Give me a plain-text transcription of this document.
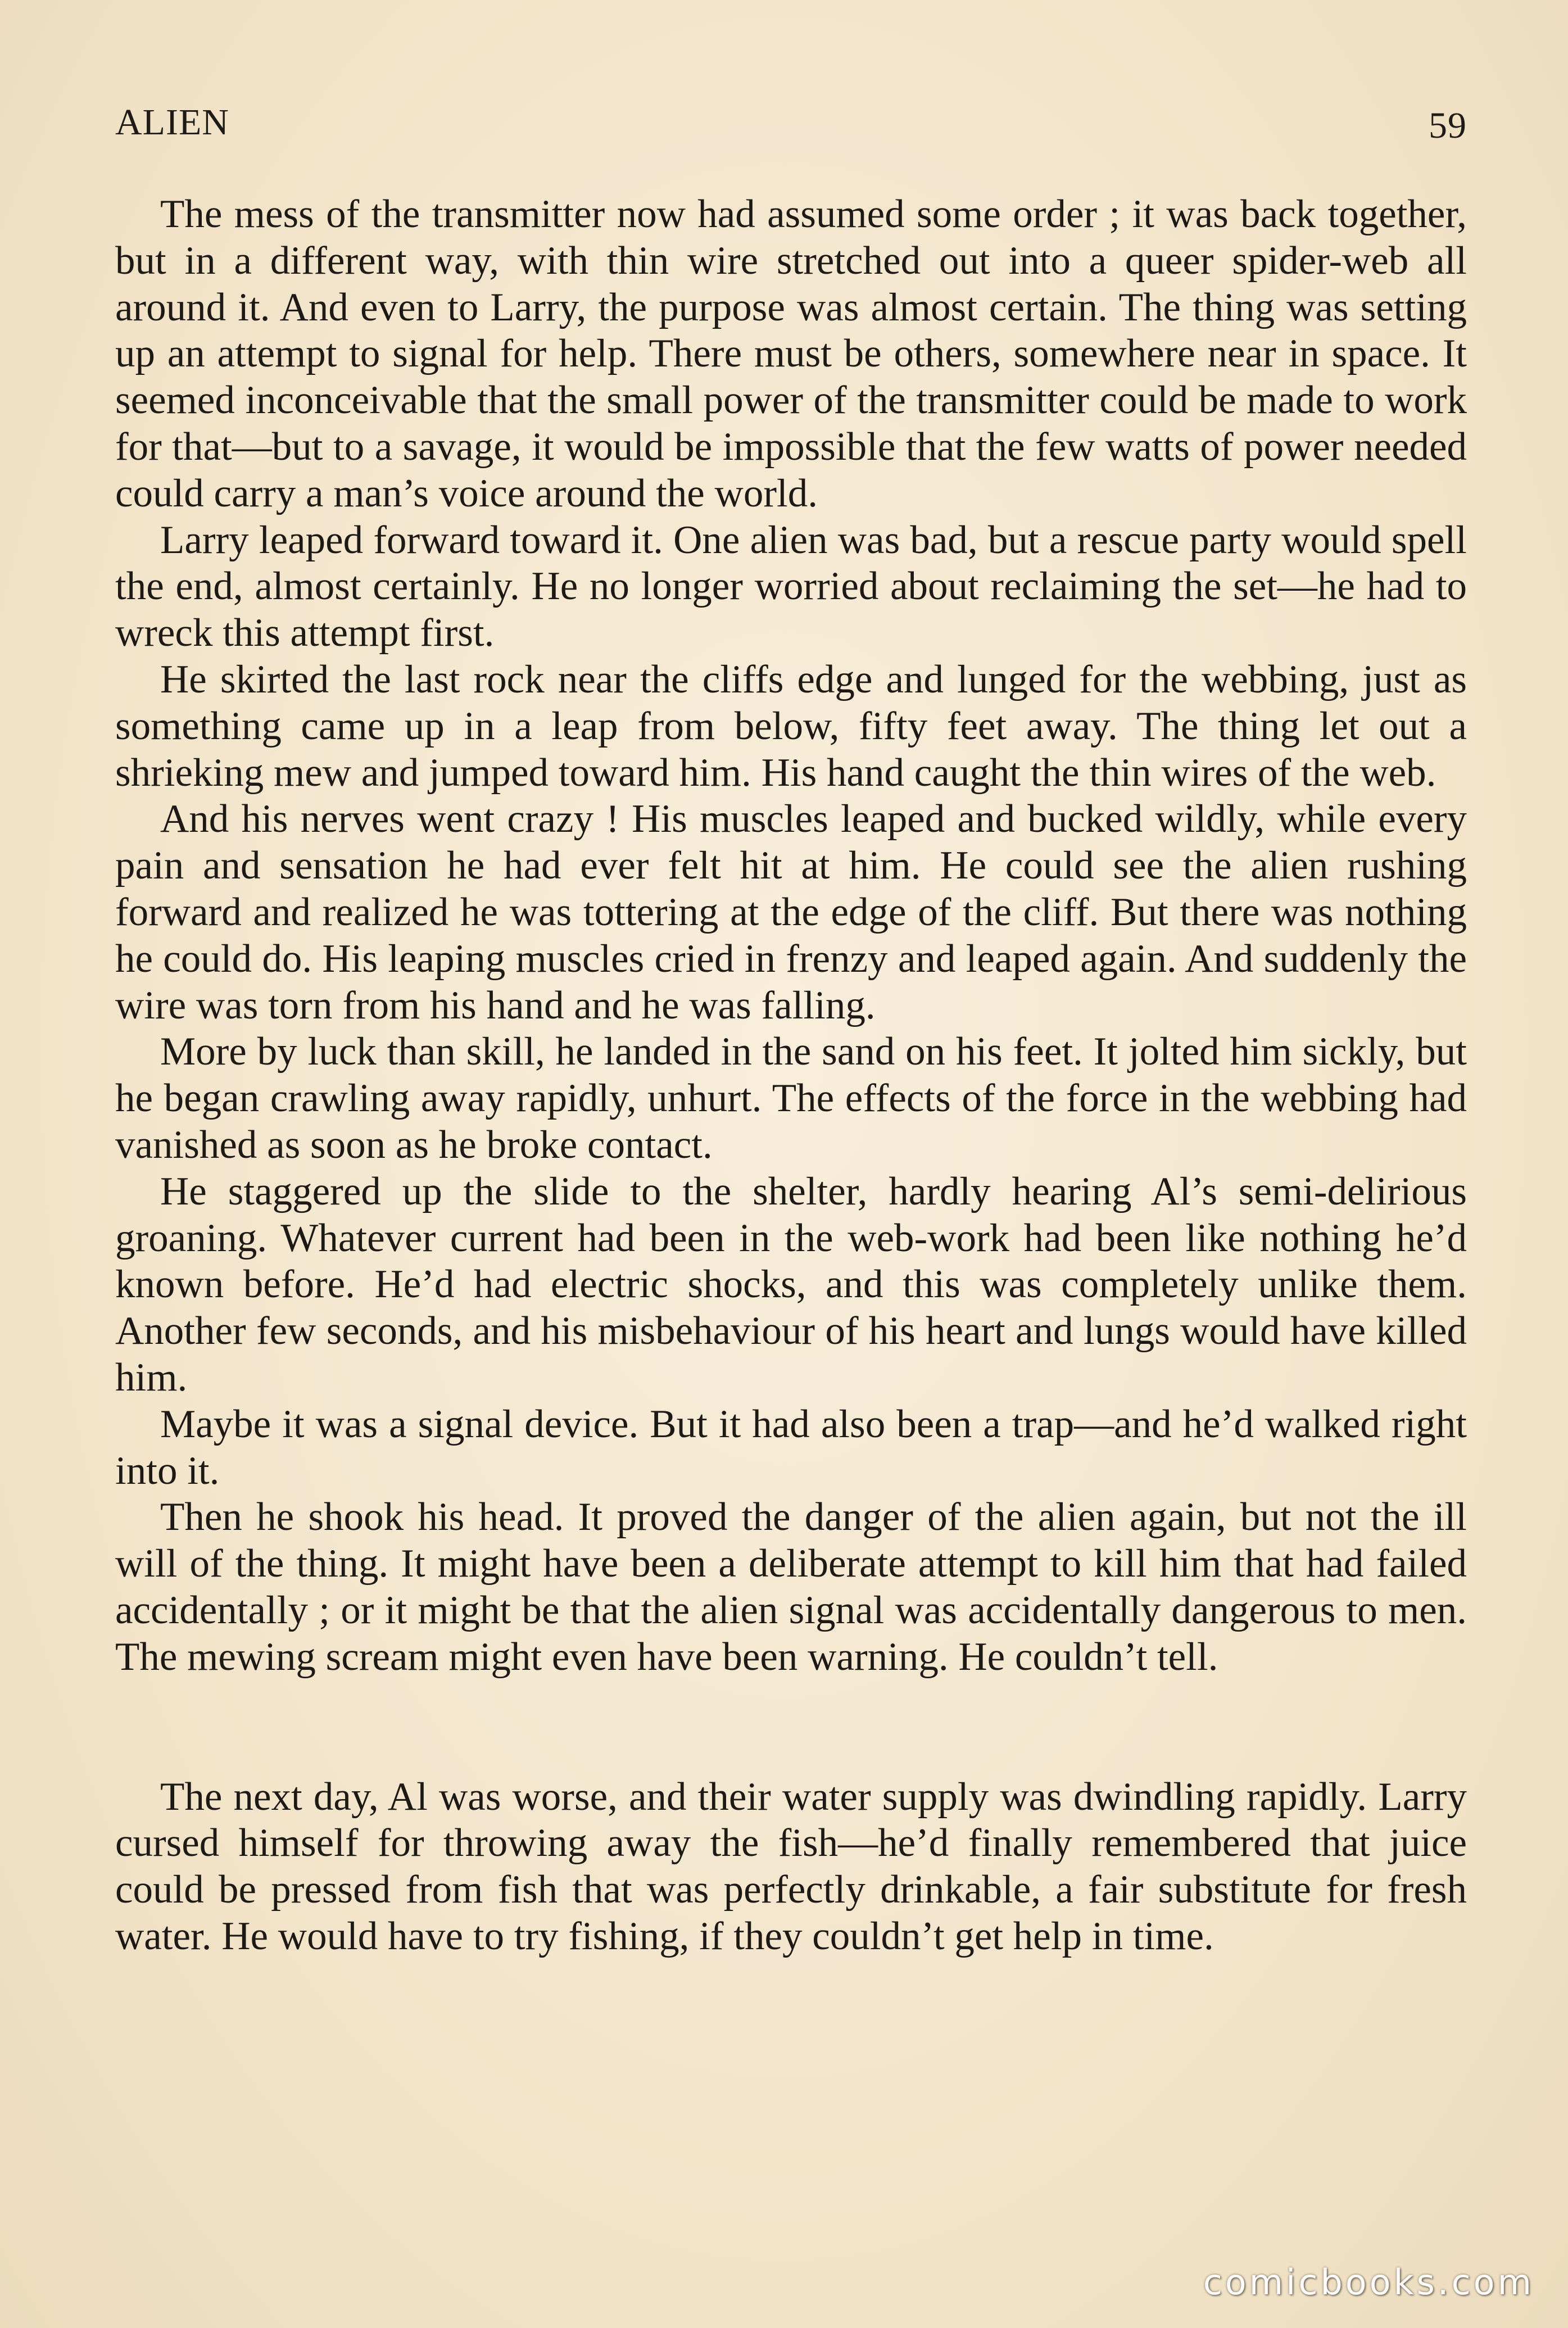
ALIEN	59

The mess of the transmitter now had assumed some order ; it was back together, but in a different way, with thin wire stretched out into a queer spider-web all around it. And even to Larry, the purpose was almost certain. The thing was setting up an attempt to signal for help. There must be others, somewhere near in space. It seemed inconceivable that the small power of the transmitter could be made to work for that—but to a savage, it would be impossible that the few watts of power needed could carry a man’s voice around the world.

Larry leaped forward toward it. One alien was bad, but a rescue party would spell the end, almost certainly. He no longer worried about reclaiming the set—he had to wreck this attempt first.

He skirted the last rock near the cliffs edge and lunged for the webbing, just as something came up in a leap from below, fifty feet away. The thing let out a shrieking mew and jumped toward him. His hand caught the thin wires of the web.

And his nerves went crazy ! His muscles leaped and bucked wildly, while every pain and sensation he had ever felt hit at him. He could see the alien rushing forward and realized he was tottering at the edge of the cliff. But there was nothing he could do. His leaping muscles cried in frenzy and leaped again. And suddenly the wire was torn from his hand and he was falling.

More by luck than skill, he landed in the sand on his feet. It jolted him sickly, but he began crawling away rapidly, unhurt. The effects of the force in the webbing had vanished as soon as he broke contact.

He staggered up the slide to the shelter, hardly hearing Al’s semi-delirious groaning. Whatever current had been in the web-work had been like nothing he’d known before. He’d had electric shocks, and this was completely unlike them. Another few seconds, and his misbehaviour of his heart and lungs would have killed him.

Maybe it was a signal device. But it had also been a trap—and he’d walked right into it.

Then he shook his head. It proved the danger of the alien again, but not the ill will of the thing. It might have been a deliberate attempt to kill him that had failed accidentally ; or it might be that the alien signal was accidentally dangerous to men. The mewing scream might even have been warning. He couldn’t tell.

The next day, Al was worse, and their water supply was dwindling rapidly. Larry cursed himself for throwing away the fish—he’d finally remembered that juice could be pressed from fish that was perfectly drinkable, a fair substitute for fresh water. He would have to try fishing, if they couldn’t get help in time.

comicbooks.com
